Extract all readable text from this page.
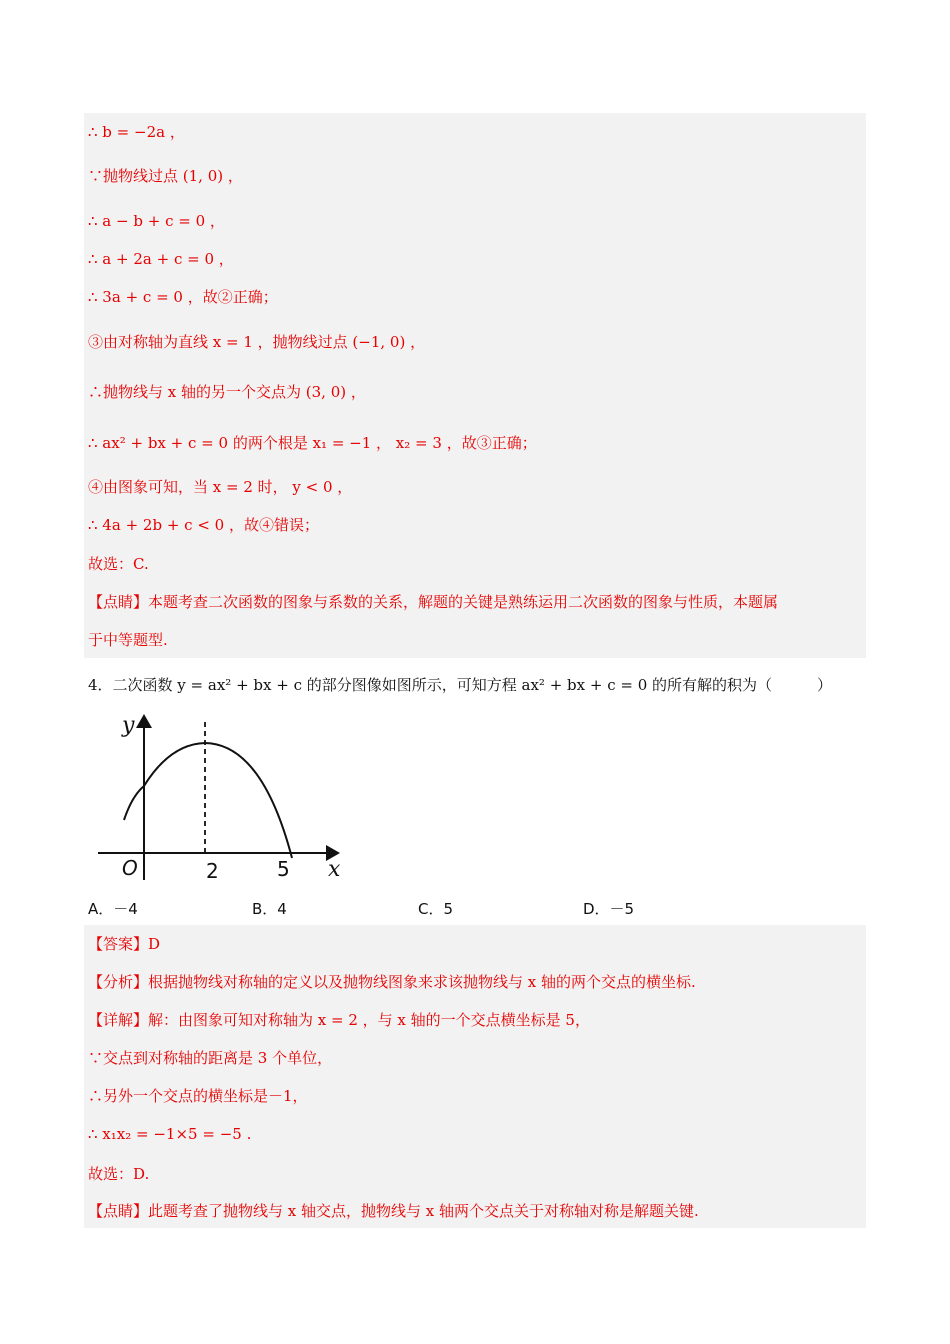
∴ b = −2a ，
∵抛物线过点 (1, 0) ，
∴ a − b + c = 0 ，
∴ a + 2a + c = 0 ，
∴ 3a + c = 0 ，故②正确；
③由对称轴为直线 x = 1 ，抛物线过点 (−1, 0) ，
∴抛物线与 x 轴的另一个交点为 (3, 0) ，
∴ ax² + bx + c = 0 的两个根是 x₁ = −1 ， x₂ = 3 ，故③正确；
④由图象可知，当 x = 2 时， y < 0 ，
∴ 4a + 2b + c < 0 ，故④错误；
故选：C.
【点睛】本题考查二次函数的图象与系数的关系，解题的关键是熟练运用二次函数的图象与性质，本题属
于中等题型.
4．二次函数 y = ax² + bx + c 的部分图像如图所示，可知方程 ax² + bx + c = 0 的所有解的积为（　　　）
y
x
O	2	5
A．－4	B．4	C．5	D．－5
【答案】D
【分析】根据抛物线对称轴的定义以及抛物线图象来求该抛物线与 x 轴的两个交点的横坐标.
【详解】解：由图象可知对称轴为 x = 2 ，与 x 轴的一个交点横坐标是 5，
∵交点到对称轴的距离是 3 个单位，
∴另外一个交点的横坐标是－1，
∴ x₁x₂ = −1×5 = −5 .
故选：D.
【点睛】此题考查了抛物线与 x 轴交点，抛物线与 x 轴两个交点关于对称轴对称是解题关键.
